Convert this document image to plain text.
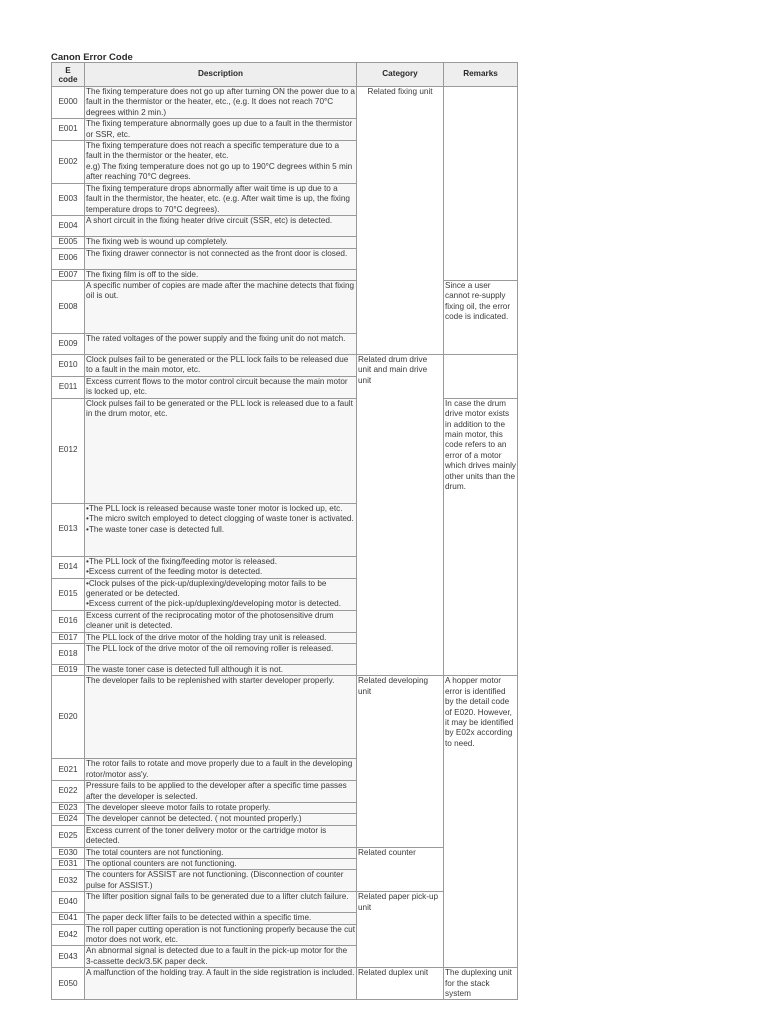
Canon Error Code
E
code	Description	Category	Remarks
E000	The fixing temperature does not go up after turning ON the power due to a fault in the thermistor or the heater, etc., (e.g. It does not reach 70°C degrees within 2 min.)	Related fixing unit	
E001	The fixing temperature abnormally goes up due to a fault in the thermistor or SSR, etc.		
E002	The fixing temperature does not reach a specific temperature due to a fault in the thermistor or the heater, etc.
e.g) The fixing temperature does not go up to 190°C degrees within 5 min after reaching 70°C degrees.		
E003	The fixing temperature drops abnormally after wait time is up due to a fault in the thermistor, the heater, etc. (e.g. After wait time is up, the fixing temperature drops to 70°C degrees).		
E004	A short circuit in the fixing heater drive circuit (SSR, etc) is detected.		
E005	The fixing web is wound up completely.		
E006	The fixing drawer connector is not connected as the front door is closed.		
E007	The fixing film is off to the side.		
E008	A specific number of copies are made after the machine detects that fixing oil is out.		Since a user cannot re-supply fixing oil, the error code is indicated.
E009	The rated voltages of the power supply and the fixing unit do not match.		
E010	Clock pulses fail to be generated or the PLL lock fails to be released due to a fault in the main motor, etc.	Related drum drive unit and main drive unit	
E011	Excess current flows to the motor control circuit because the main motor is locked up, etc.		
E012	Clock pulses fail to be generated or the PLL lock is released due to a fault in the drum motor, etc.		In case the drum drive motor exists in addition to the main motor, this code refers to an error of a motor which drives mainly other units than the drum.
E013	•The PLL lock is released because waste toner motor is locked up, etc.
•The micro switch employed to detect clogging of waste toner is activated.
•The waste toner case is detected full.		
E014	•The PLL lock of the fixing/feeding motor is released.
•Excess current of the feeding motor is detected.		
E015	•Clock pulses of the pick-up/duplexing/developing motor fails to be generated or be detected.
•Excess current of the pick-up/duplexing/developing motor is detected.		
E016	Excess current of the reciprocating motor of the photosensitive drum cleaner unit is detected.		
E017	The PLL lock of the drive motor of the holding tray unit is released.		
E018	The PLL lock of the drive motor of the oil removing roller is released.		
E019	The waste toner case is detected full although it is not.		
E020	The developer fails to be replenished with starter developer properly.	Related developing unit	A hopper motor error is identified by the detail code of E020. However, it may be identified by E02x according to need.
E021	The rotor fails to rotate and move properly due to a fault in the developing rotor/motor ass'y.		
E022	Pressure fails to be applied to the developer after a specific time passes after the developer is selected.		
E023	The developer sleeve motor fails to rotate properly.		
E024	The developer cannot be detected. ( not mounted properly.)		
E025	Excess current of the toner delivery motor or the cartridge motor is detected.		
E030	The total counters are not functioning.	Related counter	
E031	The optional counters are not functioning.		
E032	The counters for ASSIST are not functioning. (Disconnection of counter pulse for ASSIST.)		
E040	The lifter position signal fails to be generated due to a lifter clutch failure.	Related paper pick-up unit	
E041	The paper deck lifter fails to be detected within a specific time.		
E042	The roll paper cutting operation is not functioning properly because the cut motor does not work, etc.		
E043	An abnormal signal is detected due to a fault in the pick-up motor for the 3-cassette deck/3.5K paper deck.		
E050	A malfunction of the holding tray. A fault in the side registration is included.	Related duplex unit	The duplexing unit for the stack system
